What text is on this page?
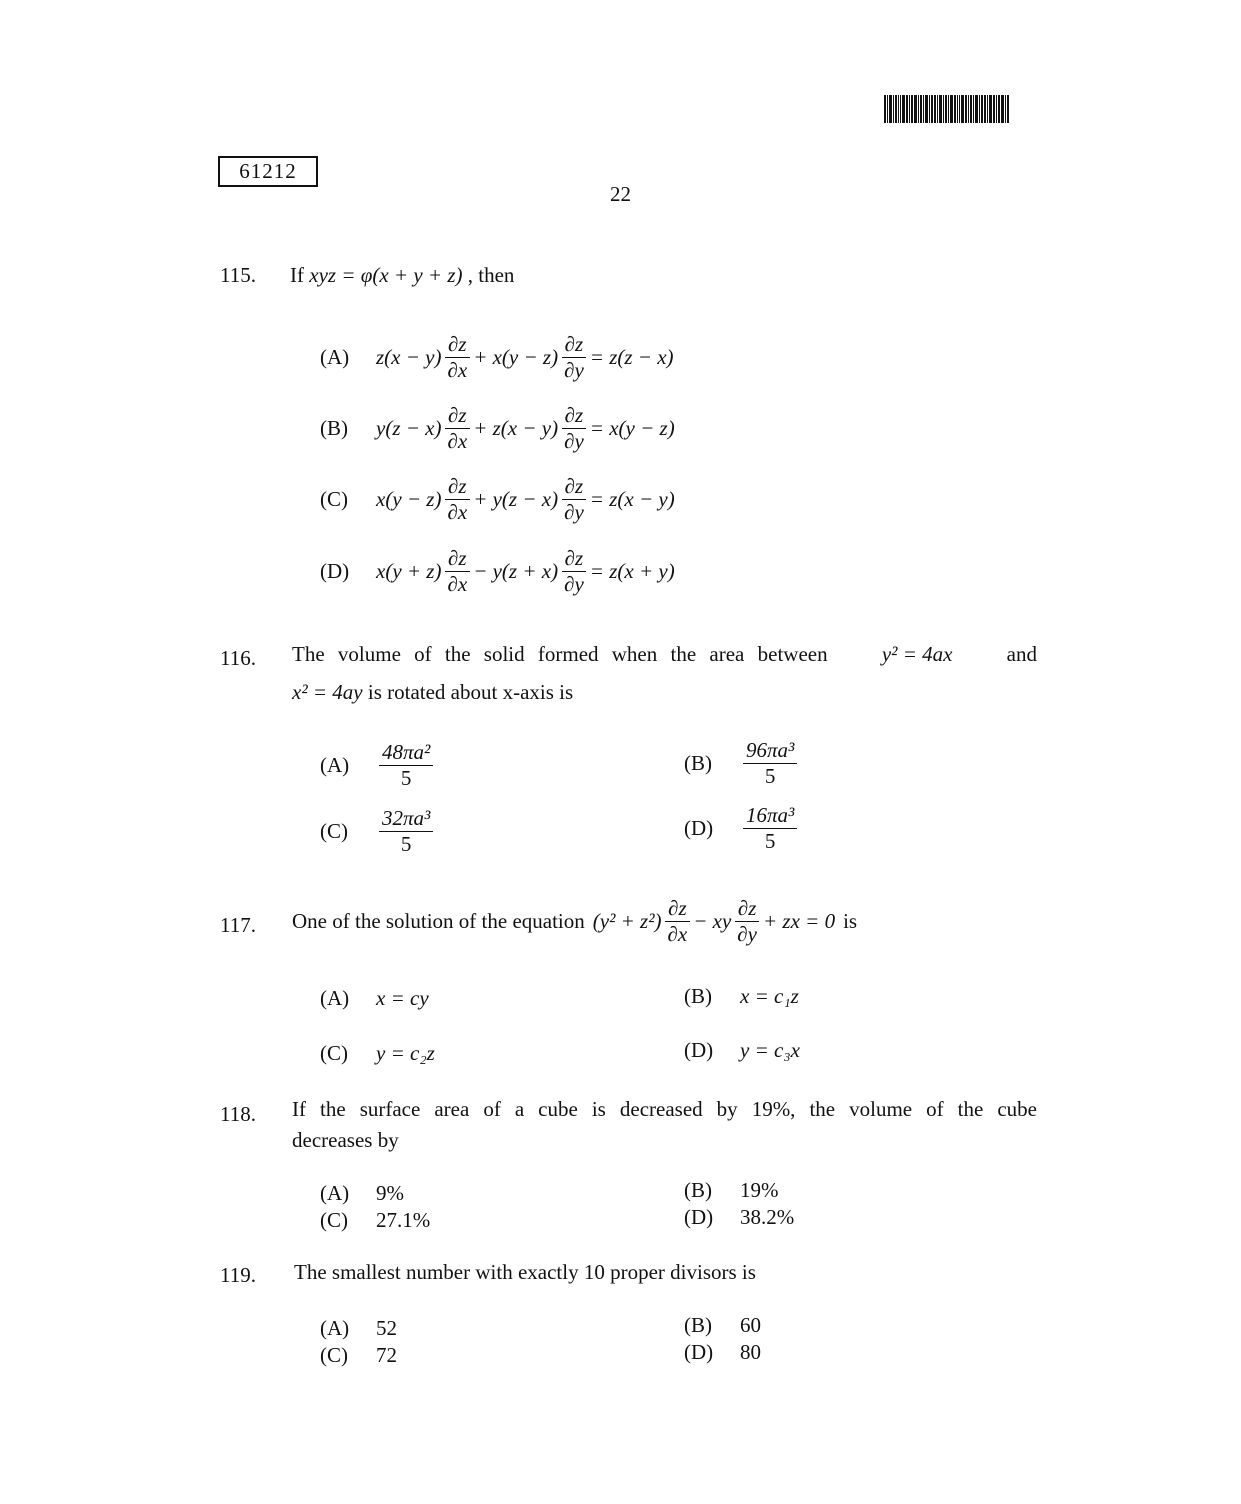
61212
22
115. If xyz = φ(x + y + z) , then
(A)	$z(x - y) \frac{\partial z}{\partial x} + x(y - z) \frac{\partial z}{\partial y} = z(z - x)$
(B)	$y(z - x) \frac{\partial z}{\partial x} + z(x - y) \frac{\partial z}{\partial y} = x(y - z)$
(C)	$x(y - z) \frac{\partial z}{\partial x} + y(z - x) \frac{\partial z}{\partial y} = z(x - y)$
(D)	$x(y + z) \frac{\partial z}{\partial x} - y(z + x) \frac{\partial z}{\partial y} = z(x + y)$
116. The volume of the solid formed when the area between	y² = 4ax	and
x² = 4ay is rotated about x-axis is
(A)	$\frac{\text{48πa²}}{5}$	(B)	$\frac{\text{96πa³}}{5}$
(C)	$\frac{\text{32πa³}}{5}$	(D)	$\frac{\text{16πa³}}{5}$
117. One of the solution of the equation $(y^2 + z^2) \frac{\partial z}{\partial x}$ − xy $\frac{\partial z}{\partial y}$ + zx = 0 is
(A)	x = cy	(B)	x = c₁z
(C)	y = c₂z	(D)	y = c₃x
118. If the surface area of a cube is decreased by 19%, the volume of the cube
decreases by
(A)	9%	(B)	19%
(C)	27.1%	(D)	38.2%
119. The smallest number with exactly 10 proper divisors is
(A)	52	(B)	60
(C)	72	(D)	80
